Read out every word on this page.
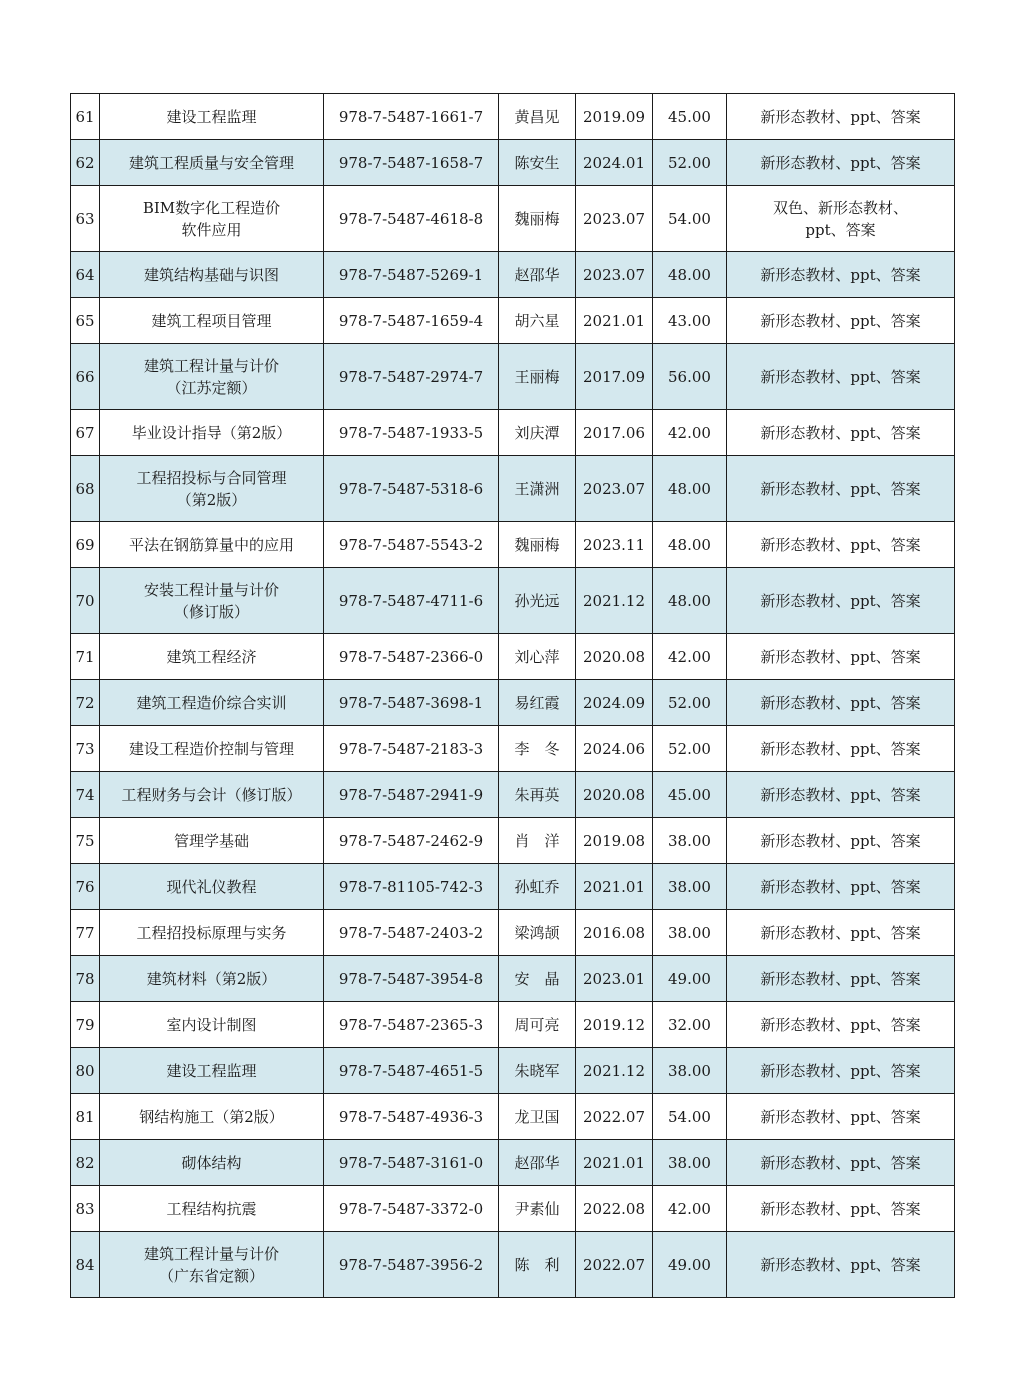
61	建设工程监理	978-7-5487-1661-7	黄昌见	2019.09	45.00	新形态教材、ppt、答案

62	建筑工程质量与安全管理	978-7-5487-1658-7	陈安生	2024.01	52.00	新形态教材、ppt、答案

63	BIM数字化工程造价
软件应用	978-7-5487-4618-8	魏丽梅	2023.07	54.00	双色、新形态教材、
ppt、答案

64	建筑结构基础与识图	978-7-5487-5269-1	赵邵华	2023.07	48.00	新形态教材、ppt、答案

65	建筑工程项目管理	978-7-5487-1659-4	胡六星	2021.01	43.00	新形态教材、ppt、答案

66	建筑工程计量与计价
（江苏定额）	978-7-5487-2974-7	王丽梅	2017.09	56.00	新形态教材、ppt、答案

67	毕业设计指导（第2版）	978-7-5487-1933-5	刘庆潭	2017.06	42.00	新形态教材、ppt、答案

68	工程招投标与合同管理
（第2版）	978-7-5487-5318-6	王潇洲	2023.07	48.00	新形态教材、ppt、答案

69	平法在钢筋算量中的应用	978-7-5487-5543-2	魏丽梅	2023.11	48.00	新形态教材、ppt、答案

70	安装工程计量与计价
（修订版）	978-7-5487-4711-6	孙光远	2021.12	48.00	新形态教材、ppt、答案

71	建筑工程经济	978-7-5487-2366-0	刘心萍	2020.08	42.00	新形态教材、ppt、答案

72	建筑工程造价综合实训	978-7-5487-3698-1	易红霞	2024.09	52.00	新形态教材、ppt、答案

73	建设工程造价控制与管理	978-7-5487-2183-3	李　冬	2024.06	52.00	新形态教材、ppt、答案

74	工程财务与会计（修订版）	978-7-5487-2941-9	朱再英	2020.08	45.00	新形态教材、ppt、答案

75	管理学基础	978-7-5487-2462-9	肖　洋	2019.08	38.00	新形态教材、ppt、答案

76	现代礼仪教程	978-7-81105-742-3	孙虹乔	2021.01	38.00	新形态教材、ppt、答案

77	工程招投标原理与实务	978-7-5487-2403-2	梁鸿颉	2016.08	38.00	新形态教材、ppt、答案

78	建筑材料（第2版）	978-7-5487-3954-8	安　晶	2023.01	49.00	新形态教材、ppt、答案

79	室内设计制图	978-7-5487-2365-3	周可亮	2019.12	32.00	新形态教材、ppt、答案

80	建设工程监理	978-7-5487-4651-5	朱晓军	2021.12	38.00	新形态教材、ppt、答案

81	钢结构施工（第2版）	978-7-5487-4936-3	龙卫国	2022.07	54.00	新形态教材、ppt、答案

82	砌体结构	978-7-5487-3161-0	赵邵华	2021.01	38.00	新形态教材、ppt、答案

83	工程结构抗震	978-7-5487-3372-0	尹素仙	2022.08	42.00	新形态教材、ppt、答案

84	建筑工程计量与计价
（广东省定额）	978-7-5487-3956-2	陈　利	2022.07	49.00	新形态教材、ppt、答案
